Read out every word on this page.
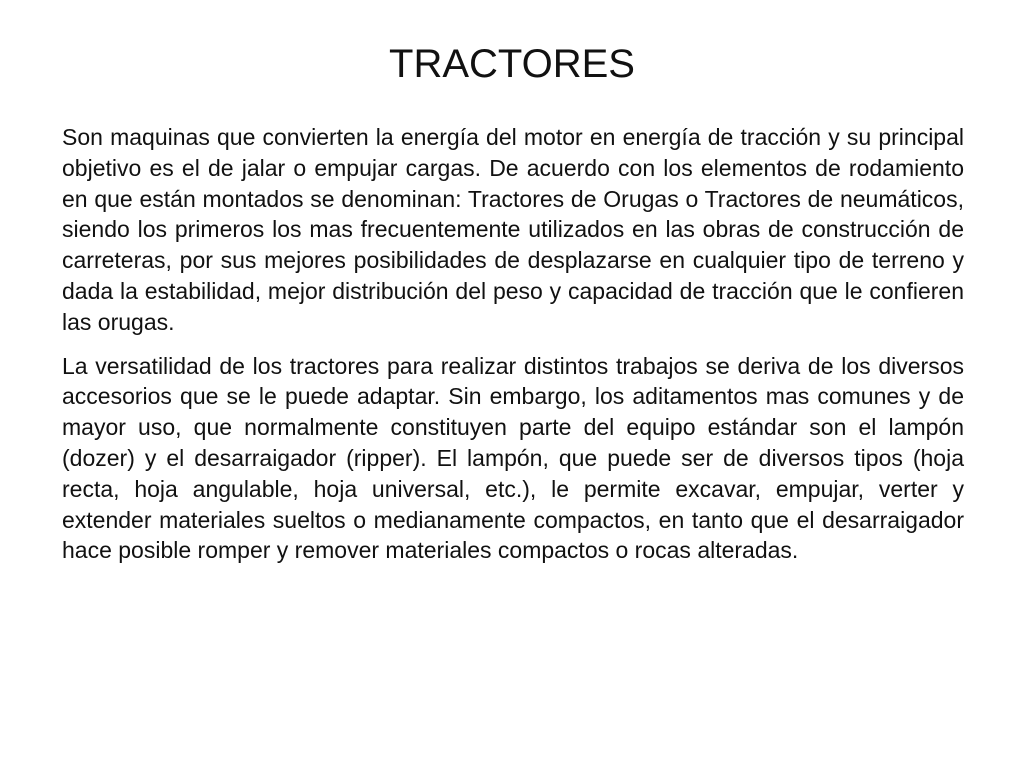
TRACTORES

Son maquinas que convierten la energía del motor en energía de tracción y su principal objetivo es el de jalar o empujar cargas. De acuerdo con los elementos de rodamiento en que están montados se denominan: Tractores de Orugas o Tractores de neumáticos, siendo los primeros los mas frecuentemente utilizados en las obras de construcción de carreteras, por sus mejores posibilidades de desplazarse en cualquier tipo de terreno y dada la estabilidad, mejor distribución del peso y capacidad de tracción que le confieren las orugas.

La versatilidad de los tractores para realizar distintos trabajos se deriva de los diversos accesorios que se le puede adaptar. Sin embargo, los aditamentos mas comunes y de mayor uso, que normalmente constituyen parte del equipo estándar son el lampón (dozer) y el desarraigador (ripper). El lampón, que puede ser de diversos tipos (hoja recta, hoja angulable, hoja universal, etc.), le permite excavar, empujar, verter y extender materiales sueltos o medianamente compactos, en tanto que el desarraigador hace posible romper y remover materiales compactos o rocas alteradas.
